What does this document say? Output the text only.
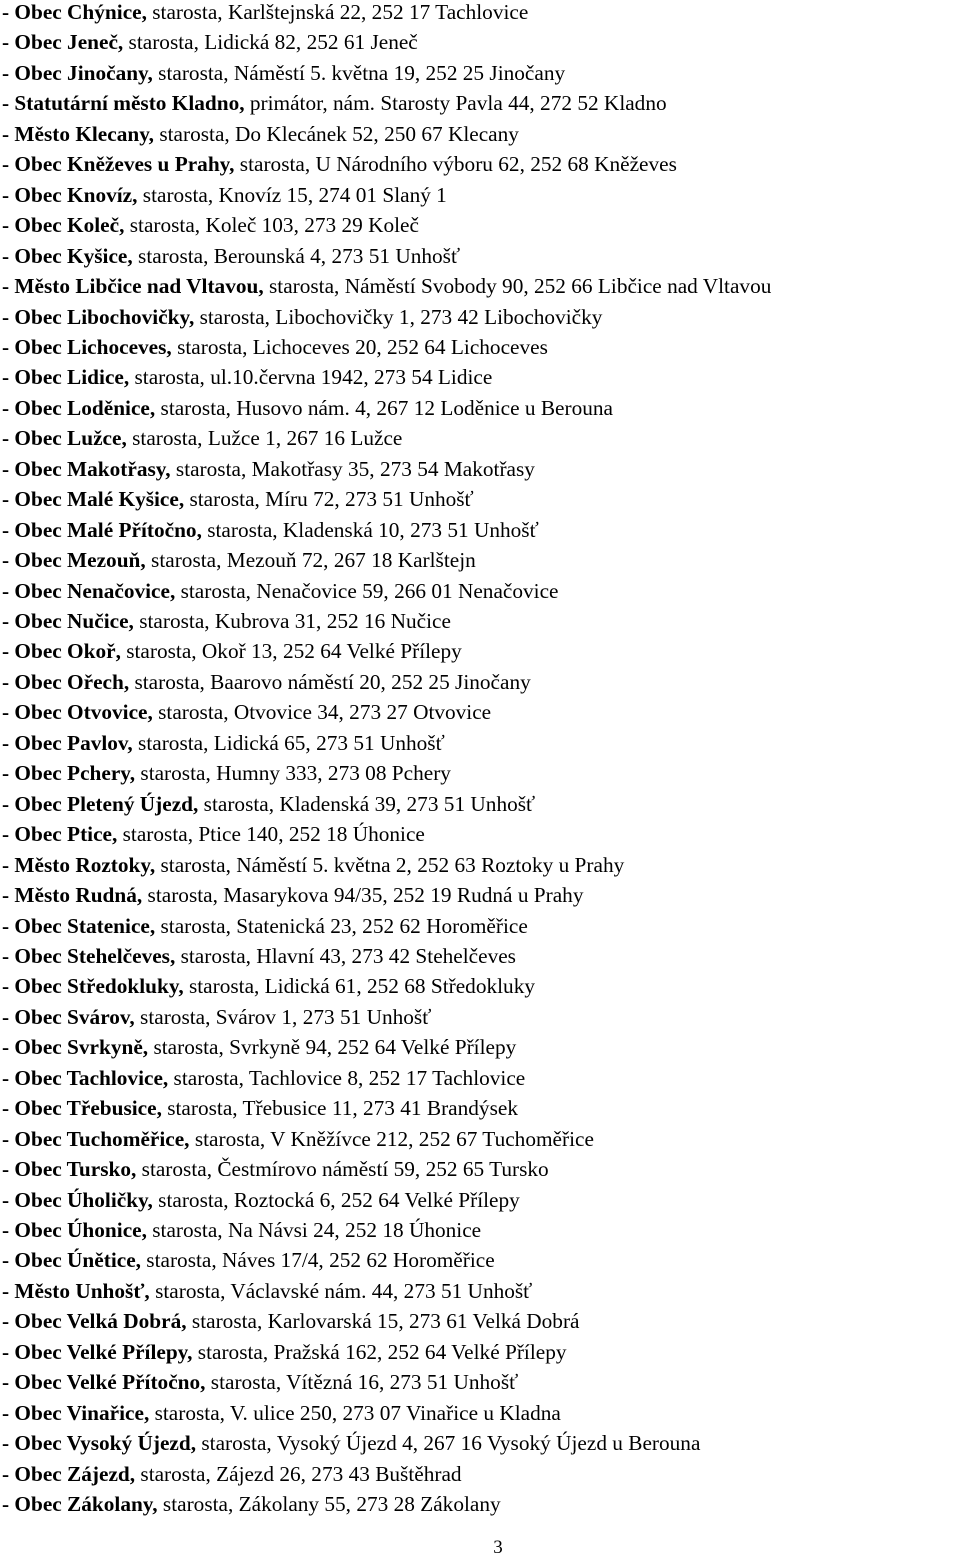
- Obec Chýnice, starosta, Karlštejnská 22, 252 17 Tachlovice
- Obec Jeneč, starosta, Lidická 82, 252 61 Jeneč
- Obec Jinočany, starosta, Náměstí 5. května 19, 252 25 Jinočany
- Statutární město Kladno, primátor, nám. Starosty Pavla 44, 272 52 Kladno
- Město Klecany, starosta, Do Klecánek 52, 250 67 Klecany
- Obec Kněževes u Prahy, starosta, U Národního výboru 62, 252 68 Kněževes
- Obec Knovíz, starosta, Knovíz 15, 274 01 Slaný 1
- Obec Koleč, starosta, Koleč 103, 273 29 Koleč
- Obec Kyšice, starosta, Berounská 4, 273 51 Unhošť
- Město Libčice nad Vltavou, starosta, Náměstí Svobody 90, 252 66 Libčice nad Vltavou
- Obec Libochovičky, starosta, Libochovičky 1, 273 42 Libochovičky
- Obec Lichoceves, starosta, Lichoceves 20, 252 64 Lichoceves
- Obec Lidice, starosta, ul.10.června 1942, 273 54 Lidice
- Obec Loděnice, starosta, Husovo nám. 4, 267 12 Loděnice u Berouna
- Obec Lužce, starosta, Lužce 1, 267 16 Lužce
- Obec Makotřasy, starosta, Makotřasy 35, 273 54 Makotřasy
- Obec Malé Kyšice, starosta, Míru 72, 273 51 Unhošť
- Obec Malé Přítočno, starosta, Kladenská 10, 273 51 Unhošť
- Obec Mezouň, starosta, Mezouň 72, 267 18 Karlštejn
- Obec Nenačovice, starosta, Nenačovice 59, 266 01 Nenačovice
- Obec Nučice, starosta, Kubrova 31, 252 16 Nučice
- Obec Okoř, starosta, Okoř 13, 252 64 Velké Přílepy
- Obec Ořech, starosta, Baarovo náměstí 20, 252 25 Jinočany
- Obec Otvovice, starosta, Otvovice 34, 273 27 Otvovice
- Obec Pavlov, starosta, Lidická 65, 273 51 Unhošť
- Obec Pchery, starosta, Humny 333, 273 08 Pchery
- Obec Pletený Újezd, starosta, Kladenská 39, 273 51 Unhošť
- Obec Ptice, starosta, Ptice 140, 252 18 Úhonice
- Město Roztoky, starosta, Náměstí 5. května 2, 252 63 Roztoky u Prahy
- Město Rudná, starosta, Masarykova 94/35, 252 19 Rudná u Prahy
- Obec Statenice, starosta, Statenická 23, 252 62 Horoměřice
- Obec Stehelčeves, starosta, Hlavní 43, 273 42 Stehelčeves
- Obec Středokluky, starosta, Lidická 61, 252 68 Středokluky
- Obec Svárov, starosta, Svárov 1, 273 51 Unhošť
- Obec Svrkyně, starosta, Svrkyně 94, 252 64 Velké Přílepy
- Obec Tachlovice, starosta, Tachlovice 8, 252 17 Tachlovice
- Obec Třebusice, starosta, Třebusice 11, 273 41 Brandýsek
- Obec Tuchoměřice, starosta, V Kněžívce 212, 252 67 Tuchoměřice
- Obec Tursko, starosta, Čestmírovo náměstí 59, 252 65 Tursko
- Obec Úholičky, starosta, Roztocká 6, 252 64 Velké Přílepy
- Obec Úhonice, starosta, Na Návsi 24, 252 18 Úhonice
- Obec Únětice, starosta, Náves 17/4, 252 62 Horoměřice
- Město Unhošť, starosta, Václavské nám. 44, 273 51 Unhošť
- Obec Velká Dobrá, starosta, Karlovarská 15, 273 61 Velká Dobrá
- Obec Velké Přílepy, starosta, Pražská 162, 252 64 Velké Přílepy
- Obec Velké Přítočno, starosta, Vítězná 16, 273 51 Unhošť
- Obec Vinařice, starosta, V. ulice 250, 273 07 Vinařice u Kladna
- Obec Vysoký Újezd, starosta, Vysoký Újezd 4, 267 16 Vysoký Újezd u Berouna
- Obec Zájezd, starosta, Zájezd 26, 273 43 Buštěhrad
- Obec Zákolany, starosta, Zákolany 55, 273 28 Zákolany
3
